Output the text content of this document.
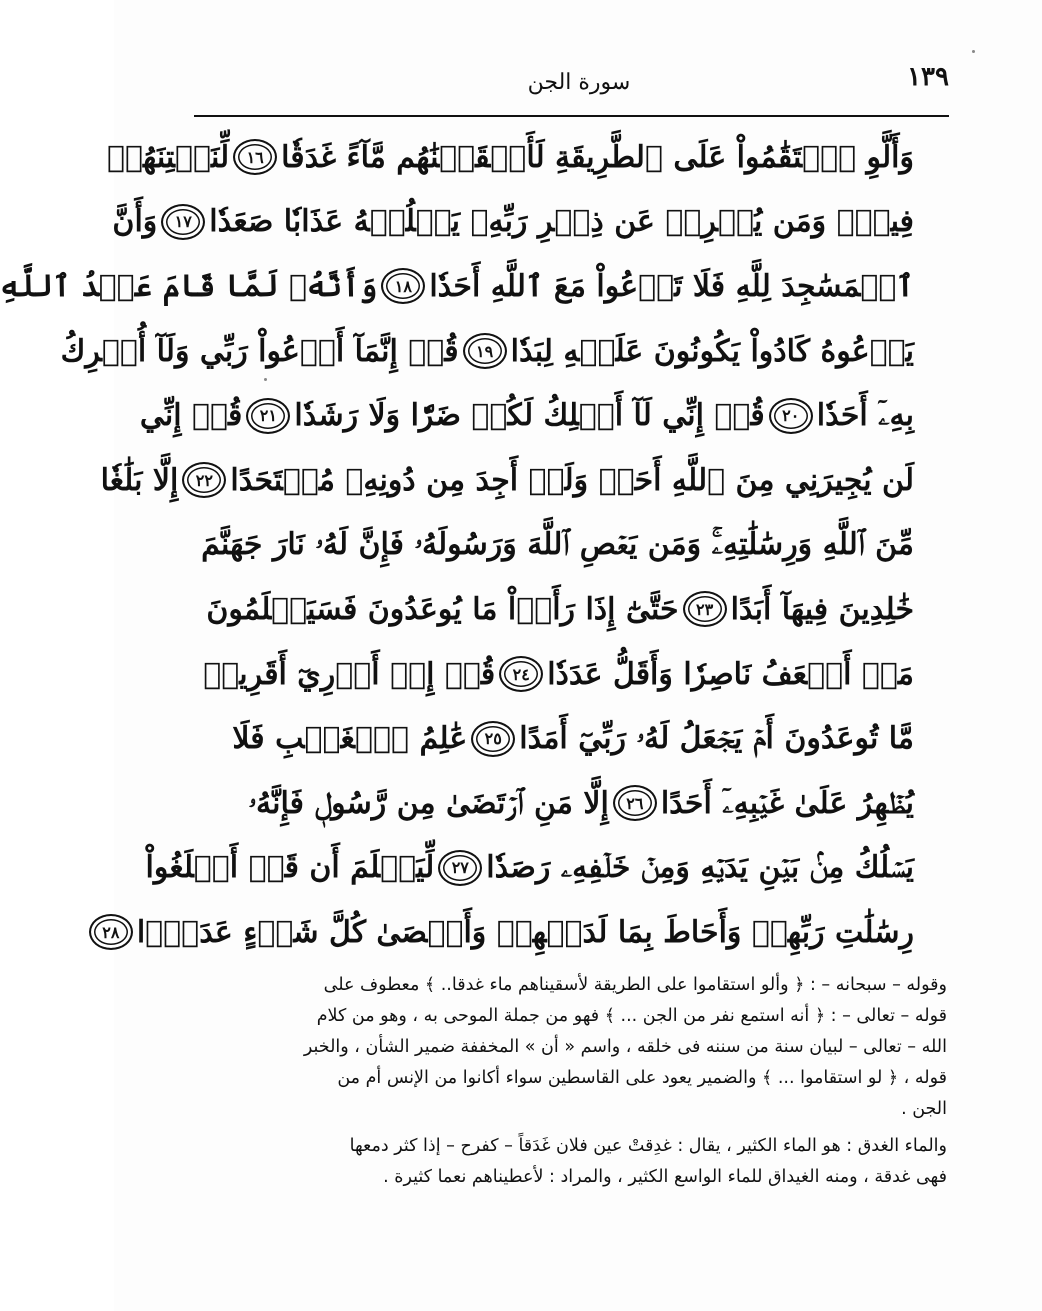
١٣٩
سورة الجن
وَأَلَّوِ ٱسۡتَقَٰمُواْ عَلَى ٱلطَّرِيقَةِ لَأَسۡقَيۡنَٰهُم مَّآءً غَدَقٗا
١٦
لِّنَفۡتِنَهُمۡ
فِيهِۚ وَمَن يُعۡرِضۡ عَن ذِكۡرِ رَبِّهِۦ يَسۡلُكۡهُ عَذَابٗا صَعَدٗا
١٧
وَأَنَّ
ٱلۡمَسَٰجِدَ لِلَّهِ فَلَا تَدۡعُواْ مَعَ ٱللَّهِ أَحَدٗا
١٨
وَأَنَّهُۥ لَمَّا قَامَ عَبۡدُ ٱللَّهِ
يَدۡعُوهُ كَادُواْ يَكُونُونَ عَلَيۡهِ لِبَدٗا
١٩
قُلۡ إِنَّمَآ أَدۡعُواْ رَبِّي وَلَآ أُشۡرِكُ
بِهِۦٓ أَحَدٗا
٢٠
قُلۡ إِنِّي لَآ أَمۡلِكُ لَكُمۡ ضَرّٗا وَلَا رَشَدٗا
٢١
قُلۡ إِنِّي
لَن يُجِيرَنِي مِنَ ٱللَّهِ أَحَدٞ وَلَنۡ أَجِدَ مِن دُونِهِۦ مُلۡتَحَدًا
٢٢
إِلَّا بَلَٰغٗا
مِّنَ ٱللَّهِ وَرِسَٰلَٰتِهِۦۚ وَمَن يَعۡصِ ٱللَّهَ وَرَسُولَهُۥ فَإِنَّ لَهُۥ نَارَ جَهَنَّمَ
خَٰلِدِينَ فِيهَآ أَبَدًا
٢٣
حَتَّىٰٓ إِذَا رَأَوۡاْ مَا يُوعَدُونَ فَسَيَعۡلَمُونَ
مَنۡ أَضۡعَفُ نَاصِرٗا وَأَقَلُّ عَدَدٗا
٢٤
قُلۡ إِنۡ أَدۡرِيٓ أَقَرِيبٞ
مَّا تُوعَدُونَ أَمۡ يَجۡعَلُ لَهُۥ رَبِّيٓ أَمَدًا
٢٥
عَٰلِمُ ٱلۡغَيۡبِ فَلَا
يُظۡهِرُ عَلَىٰ غَيۡبِهِۦٓ أَحَدًا
٢٦
إِلَّا مَنِ ٱرۡتَضَىٰ مِن رَّسُولٖ فَإِنَّهُۥ
يَسۡلُكُ مِنۢ بَيۡنِ يَدَيۡهِ وَمِنۡ خَلۡفِهِۦ رَصَدٗا
٢٧
لِّيَعۡلَمَ أَن قَدۡ أَبۡلَغُواْ
رِسَٰلَٰتِ رَبِّهِمۡ وَأَحَاطَ بِمَا لَدَيۡهِمۡ وَأَحۡصَىٰ كُلَّ شَيۡءٍ عَدَدَۢا
٢٨

وقوله – سبحانه – : ﴿ وألو استقاموا على الطريقة لأسقيناهم ماء غدقا.. ﴾ معطوف على
قوله – تعالى – : ﴿ أنه استمع نفر من الجن ... ﴾ فهو من جملة الموحى به ، وهو من كلام
الله – تعالى – لبيان سنة من سننه فى خلقه ، واسم « أن » المخففة ضمير الشأن ، والخبر
قوله ، ﴿ لو استقاموا ... ﴾ والضمير يعود على القاسطين سواء أكانوا من الإنس أم من
الجن .

والماء الغدق : هو الماء الكثير ، يقال : غدِقتْ عين فلان غَدَقاً – كفرح – إذا كثر دمعها
فهى غدقة ، ومنه الغيداق للماء الواسع الكثير ، والمراد : لأعطيناهم نعما كثيرة .
